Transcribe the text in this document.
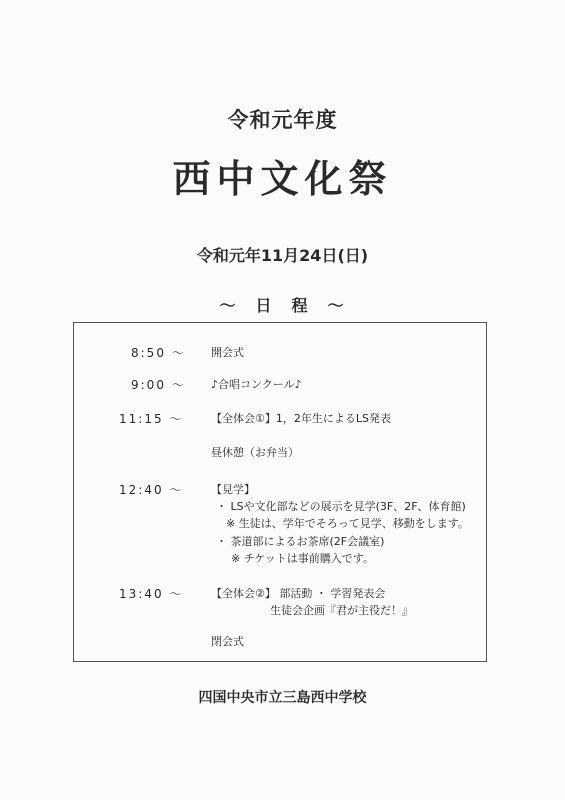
令和元年度
西中文化祭
令和元年11月24日(日)
～　日　程　～
8:50 ～ 開会式
9:00 ～ ♪合唱コンクール♪
11:15 ～	【全体会①】1，2年生によるLS発表
昼休憩（お弁当）
12:40 ～	【見学】
・ LSや文化部などの展示を見学(3F、2F、体育館)
※ 生徒は、学年でそろって見学、移動をします。
・ 茶道部によるお茶席(2F会議室)
※ チケットは事前購入です。
13:40 ～	【全体会②】 部活動 ・ 学習発表会
生徒会企画『君が主役だ！』
閉会式
四国中央市立三島西中学校
